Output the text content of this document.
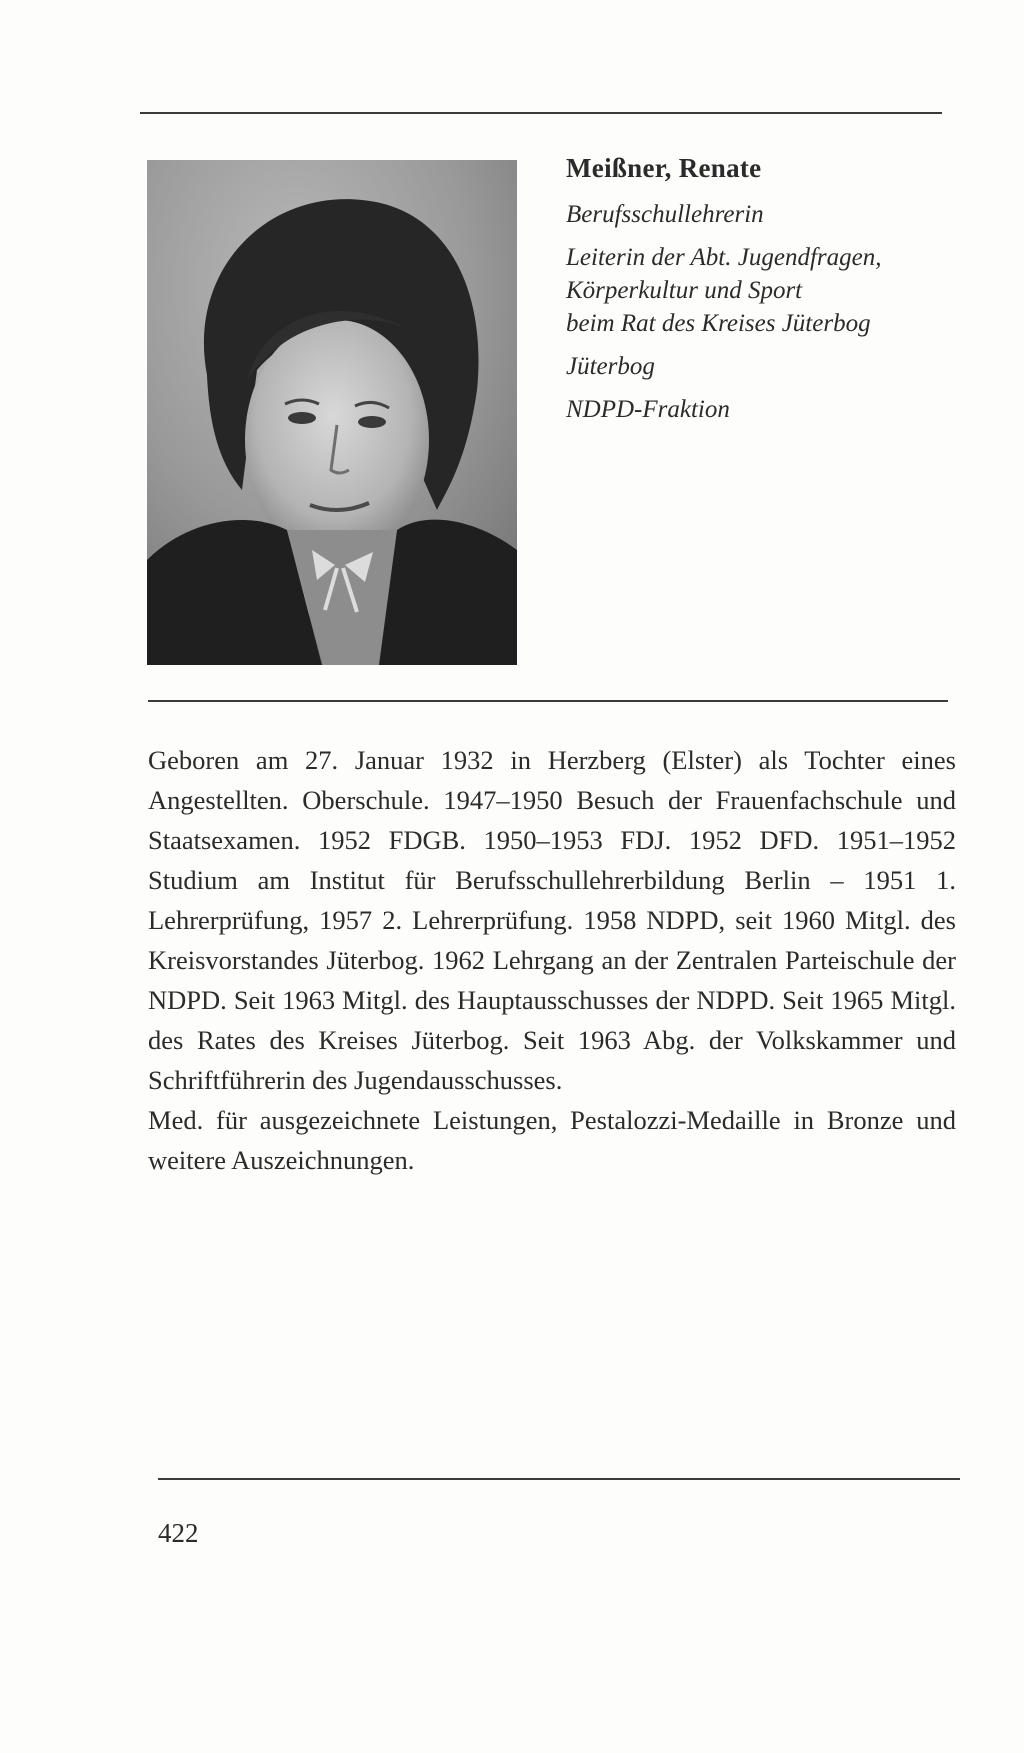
Meißner, Renate

Berufsschullehrerin

Leiterin der Abt. Jugendfragen,

Körperkultur und Sport

beim Rat des Kreises Jüterbog

Jüterbog

NDPD-Fraktion

Geboren am 27. Januar 1932 in Herzberg (Elster) als Tochter eines Angestellten. Oberschule. 1947–1950 Besuch der Frauenfachschule und Staatsexamen. 1952 FDGB. 1950–1953 FDJ. 1952 DFD. 1951–1952 Studium am Institut für Berufsschullehrerbildung Berlin – 1951 1. Lehrerprüfung, 1957 2. Lehrerprüfung. 1958 NDPD, seit 1960 Mitgl. des Kreisvorstandes Jüterbog. 1962 Lehrgang an der Zentralen Parteischule der NDPD. Seit 1963 Mitgl. des Hauptausschusses der NDPD. Seit 1965 Mitgl. des Rates des Kreises Jüterbog. Seit 1963 Abg. der Volkskammer und Schriftführerin des Jugendausschusses.

Med. für ausgezeichnete Leistungen, Pestalozzi-Medaille in Bronze und weitere Auszeichnungen.

422
